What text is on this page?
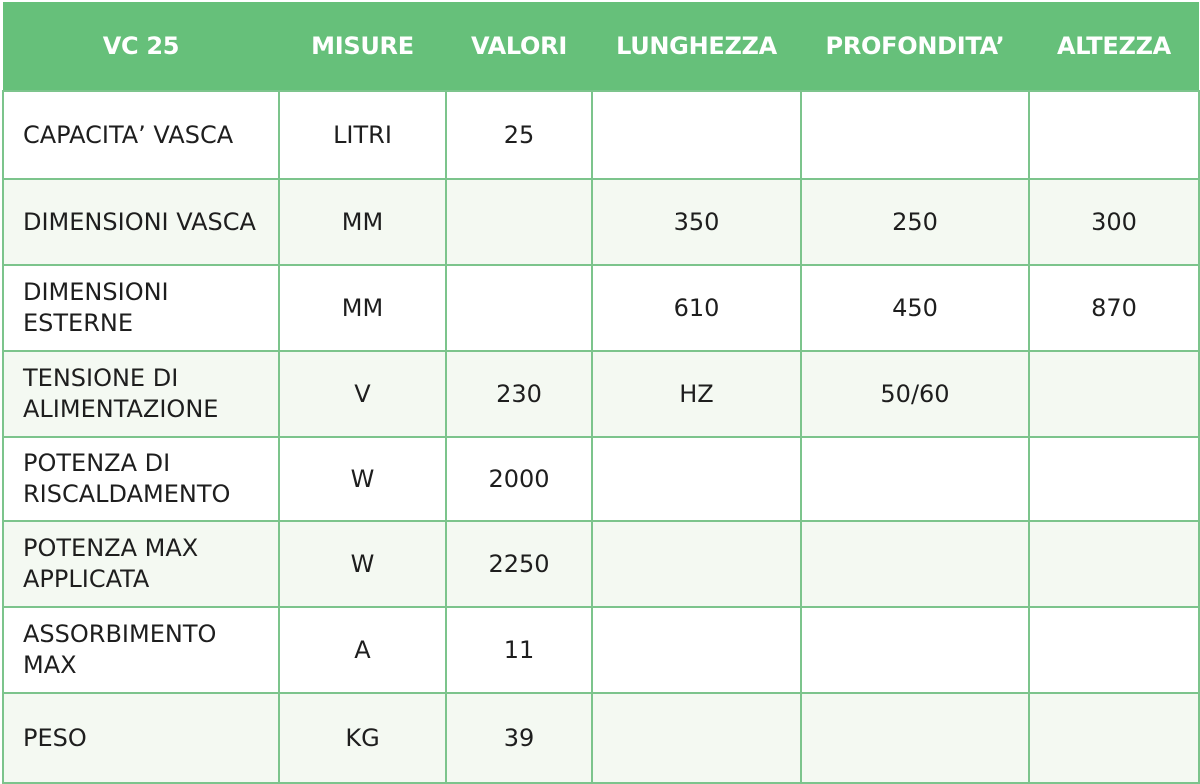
VC 25	MISURE	VALORI	LUNGHEZZA	PROFONDITA’	ALTEZZA
CAPACITA’ VASCA	LITRI	25			
DIMENSIONI VASCA	MM		350	250	300
DIMENSIONI ESTERNE	MM		610	450	870
TENSIONE DI ALIMENTAZIONE	V	230	HZ	50/60	
POTENZA DI RISCALDAMENTO	W	2000			
POTENZA MAX APPLICATA	W	2250			
ASSORBIMENTO MAX	A	11			
PESO	KG	39			
